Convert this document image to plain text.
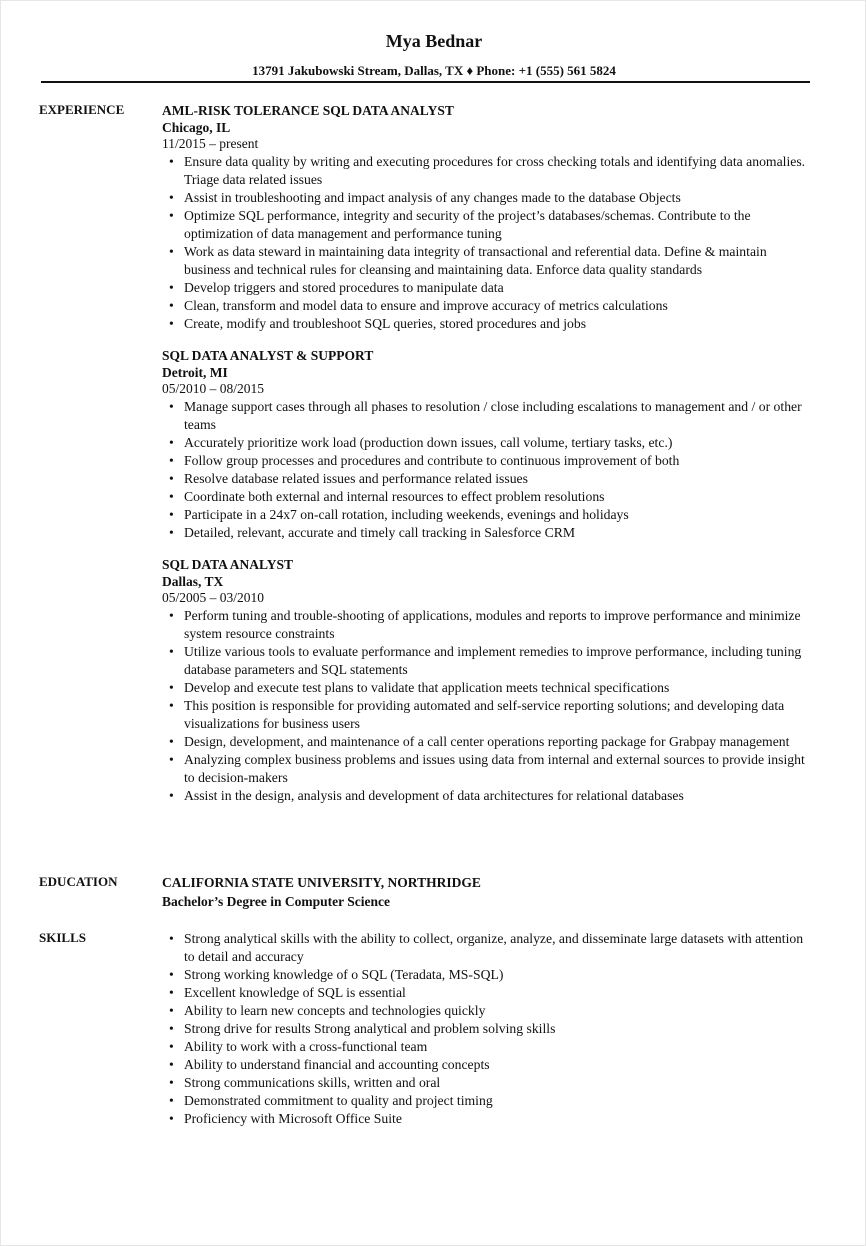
Mya Bednar
13791 Jakubowski Stream, Dallas, TX ♦ Phone: +1 (555) 561 5824
EXPERIENCE	AML-RISK TOLERANCE SQL DATA ANALYST
Chicago, IL
11/2015 – present
• Ensure data quality by writing and executing procedures for cross checking totals and identifying data anomalies. Triage data related issues
• Assist in troubleshooting and impact analysis of any changes made to the database Objects
• Optimize SQL performance, integrity and security of the project’s databases/schemas. Contribute to the optimization of data management and performance tuning
• Work as data steward in maintaining data integrity of transactional and referential data. Define & maintain business and technical rules for cleansing and maintaining data. Enforce data quality standards
• Develop triggers and stored procedures to manipulate data
• Clean, transform and model data to ensure and improve accuracy of metrics calculations
• Create, modify and troubleshoot SQL queries, stored procedures and jobs
SQL DATA ANALYST & SUPPORT
Detroit, MI
05/2010 – 08/2015
• Manage support cases through all phases to resolution / close including escalations to management and / or other teams
• Accurately prioritize work load (production down issues, call volume, tertiary tasks, etc.)
• Follow group processes and procedures and contribute to continuous improvement of both
• Resolve database related issues and performance related issues
• Coordinate both external and internal resources to effect problem resolutions
• Participate in a 24x7 on-call rotation, including weekends, evenings and holidays
• Detailed, relevant, accurate and timely call tracking in Salesforce CRM
SQL DATA ANALYST
Dallas, TX
05/2005 – 03/2010
• Perform tuning and trouble-shooting of applications, modules and reports to improve performance and minimize system resource constraints
• Utilize various tools to evaluate performance and implement remedies to improve performance, including tuning database parameters and SQL statements
• Develop and execute test plans to validate that application meets technical specifications
• This position is responsible for providing automated and self-service reporting solutions; and developing data visualizations for business users
• Design, development, and maintenance of a call center operations reporting package for Grabpay management
• Analyzing complex business problems and issues using data from internal and external sources to provide insight to decision-makers
• Assist in the design, analysis and development of data architectures for relational databases
EDUCATION	CALIFORNIA STATE UNIVERSITY, NORTHRIDGE
Bachelor’s Degree in Computer Science
SKILLS	• Strong analytical skills with the ability to collect, organize, analyze, and disseminate large datasets with attention to detail and accuracy
• Strong working knowledge of o SQL (Teradata, MS-SQL)
• Excellent knowledge of SQL is essential
• Ability to learn new concepts and technologies quickly
• Strong drive for results Strong analytical and problem solving skills
• Ability to work with a cross-functional team
• Ability to understand financial and accounting concepts
• Strong communications skills, written and oral
• Demonstrated commitment to quality and project timing
• Proficiency with Microsoft Office Suite
